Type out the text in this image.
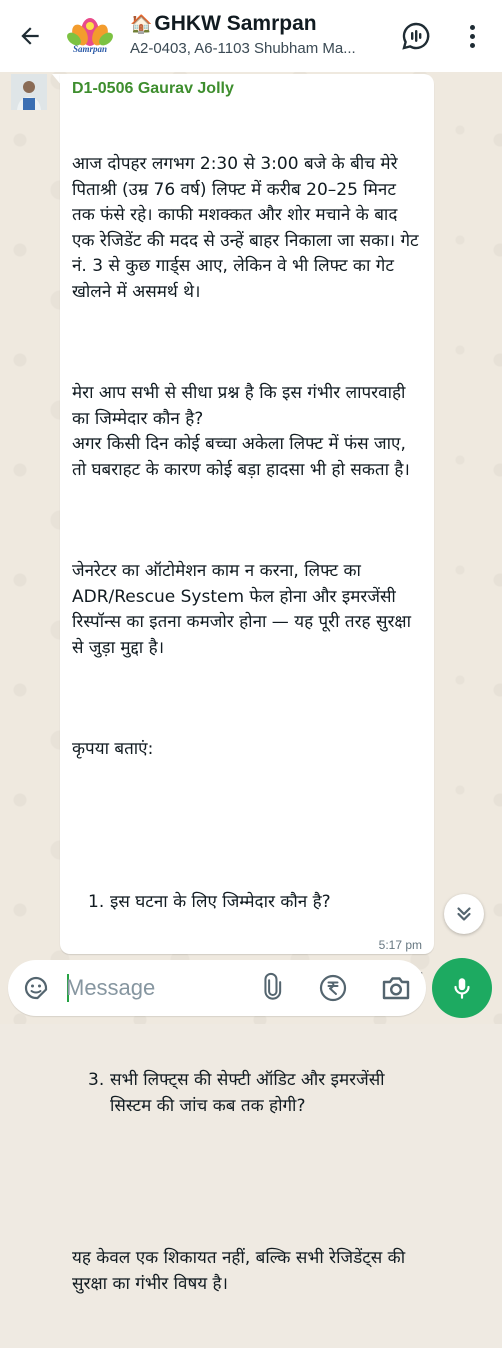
Samrpan
🏠 GHKW Samrpan
A2-0403, A6-1103 Shubham Ma...
D1-0506 Gaurav Jolly

आज दोपहर लगभग 2:30 से 3:00 बजे के बीच मेरे पिताश्री (उम्र 76 वर्ष) लिफ्ट में करीब 20–25 मिनट तक फंसे रहे। काफी मशक्कत और शोर मचाने के बाद एक रेजिडेंट की मदद से उन्हें बाहर निकाला जा सका। गेट नं. 3 से कुछ गार्ड्स आए, लेकिन वे भी लिफ्ट का गेट खोलने में असमर्थ थे।

मेरा आप सभी से सीधा प्रश्न है कि इस गंभीर लापरवाही का जिम्मेदार कौन है?
अगर किसी दिन कोई बच्चा अकेला लिफ्ट में फंस जाए, तो घबराहट के कारण कोई बड़ा हादसा भी हो सकता है।

जेनरेटर का ऑटोमेशन काम न करना, लिफ्ट का ADR/Rescue System फेल होना और इमरजेंसी रिस्पॉन्स का इतना कमजोर होना — यह पूरी तरह सुरक्षा से जुड़ा मुद्दा है।

कृपया बताएं:

1. इस घटना के लिए जिम्मेदार कौन है?

3. सभी लिफ्ट्स की सेफ्टी ऑडिट और इमरजेंसी सिस्टम की जांच कब तक होगी?

यह केवल एक शिकायत नहीं, बल्कि सभी रेजिडेंट्स की सुरक्षा का गंभीर विषय है।

5:17 pm
Message
